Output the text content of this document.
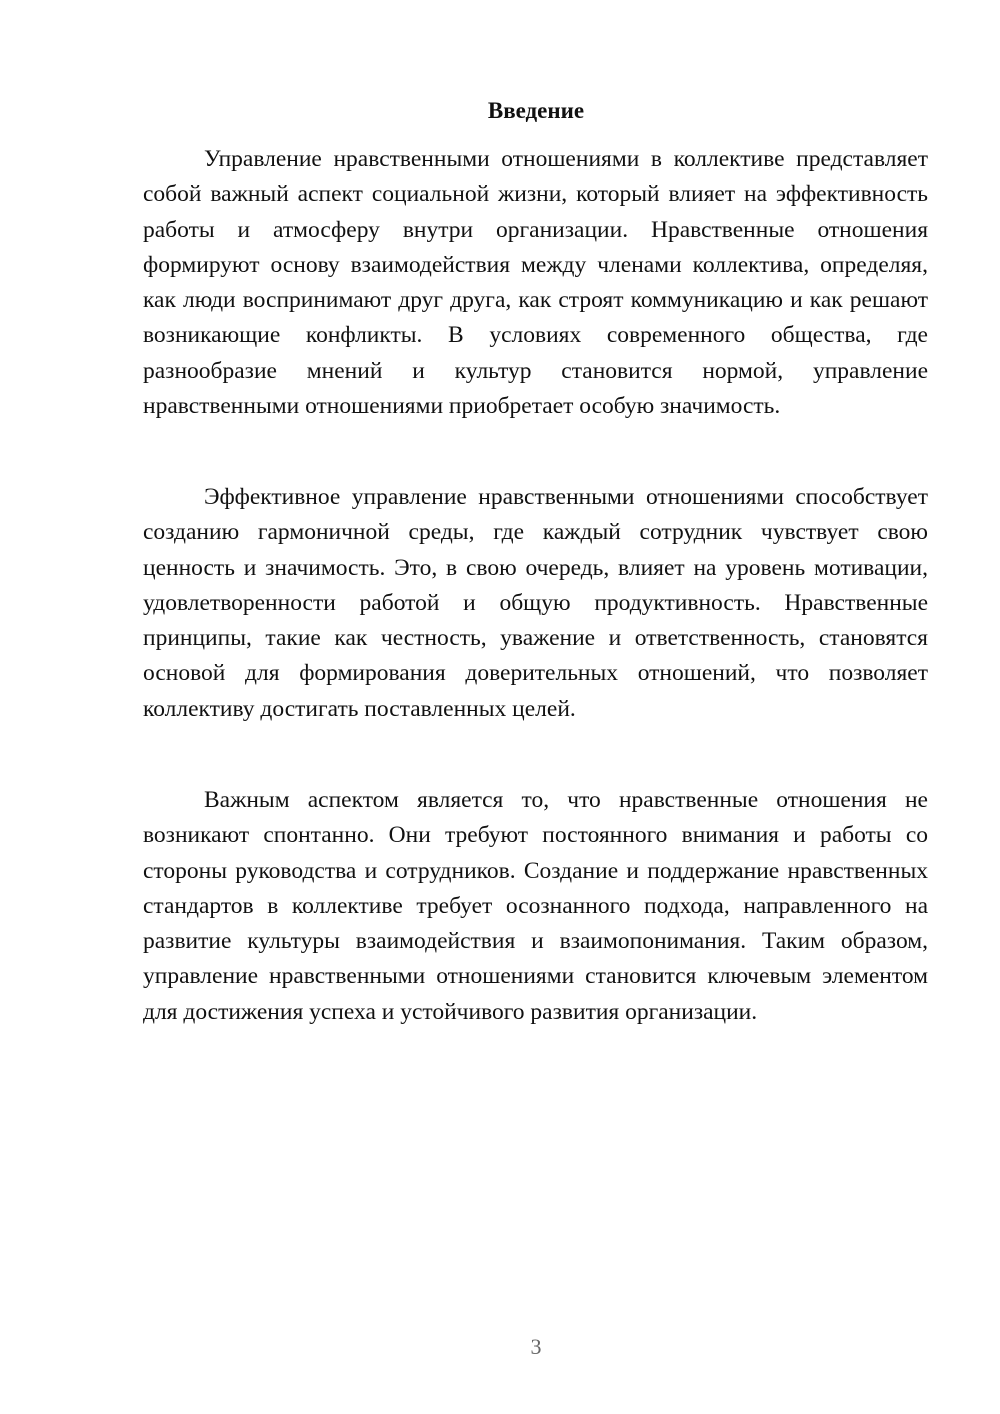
Введение

Управление нравственными отношениями в коллективе представляет собой важный аспект социальной жизни, который влияет на эффективность работы и атмосферу внутри организации. Нравственные отношения формируют основу взаимодействия между членами коллектива, определяя, как люди воспринимают друг друга, как строят коммуникацию и как решают возникающие конфликты. В условиях современного общества, где разнообразие мнений и культур становится нормой, управление нравственными отношениями приобретает особую значимость.

Эффективное управление нравственными отношениями способствует созданию гармоничной среды, где каждый сотрудник чувствует свою ценность и значимость. Это, в свою очередь, влияет на уровень мотивации, удовлетворенности работой и общую продуктивность. Нравственные принципы, такие как честность, уважение и ответственность, становятся основой для формирования доверительных отношений, что позволяет коллективу достигать поставленных целей.

Важным аспектом является то, что нравственные отношения не возникают спонтанно. Они требуют постоянного внимания и работы со стороны руководства и сотрудников. Создание и поддержание нравственных стандартов в коллективе требует осознанного подхода, направленного на развитие культуры взаимодействия и взаимопонимания. Таким образом, управление нравственными отношениями становится ключевым элементом для достижения успеха и устойчивого развития организации.

3
